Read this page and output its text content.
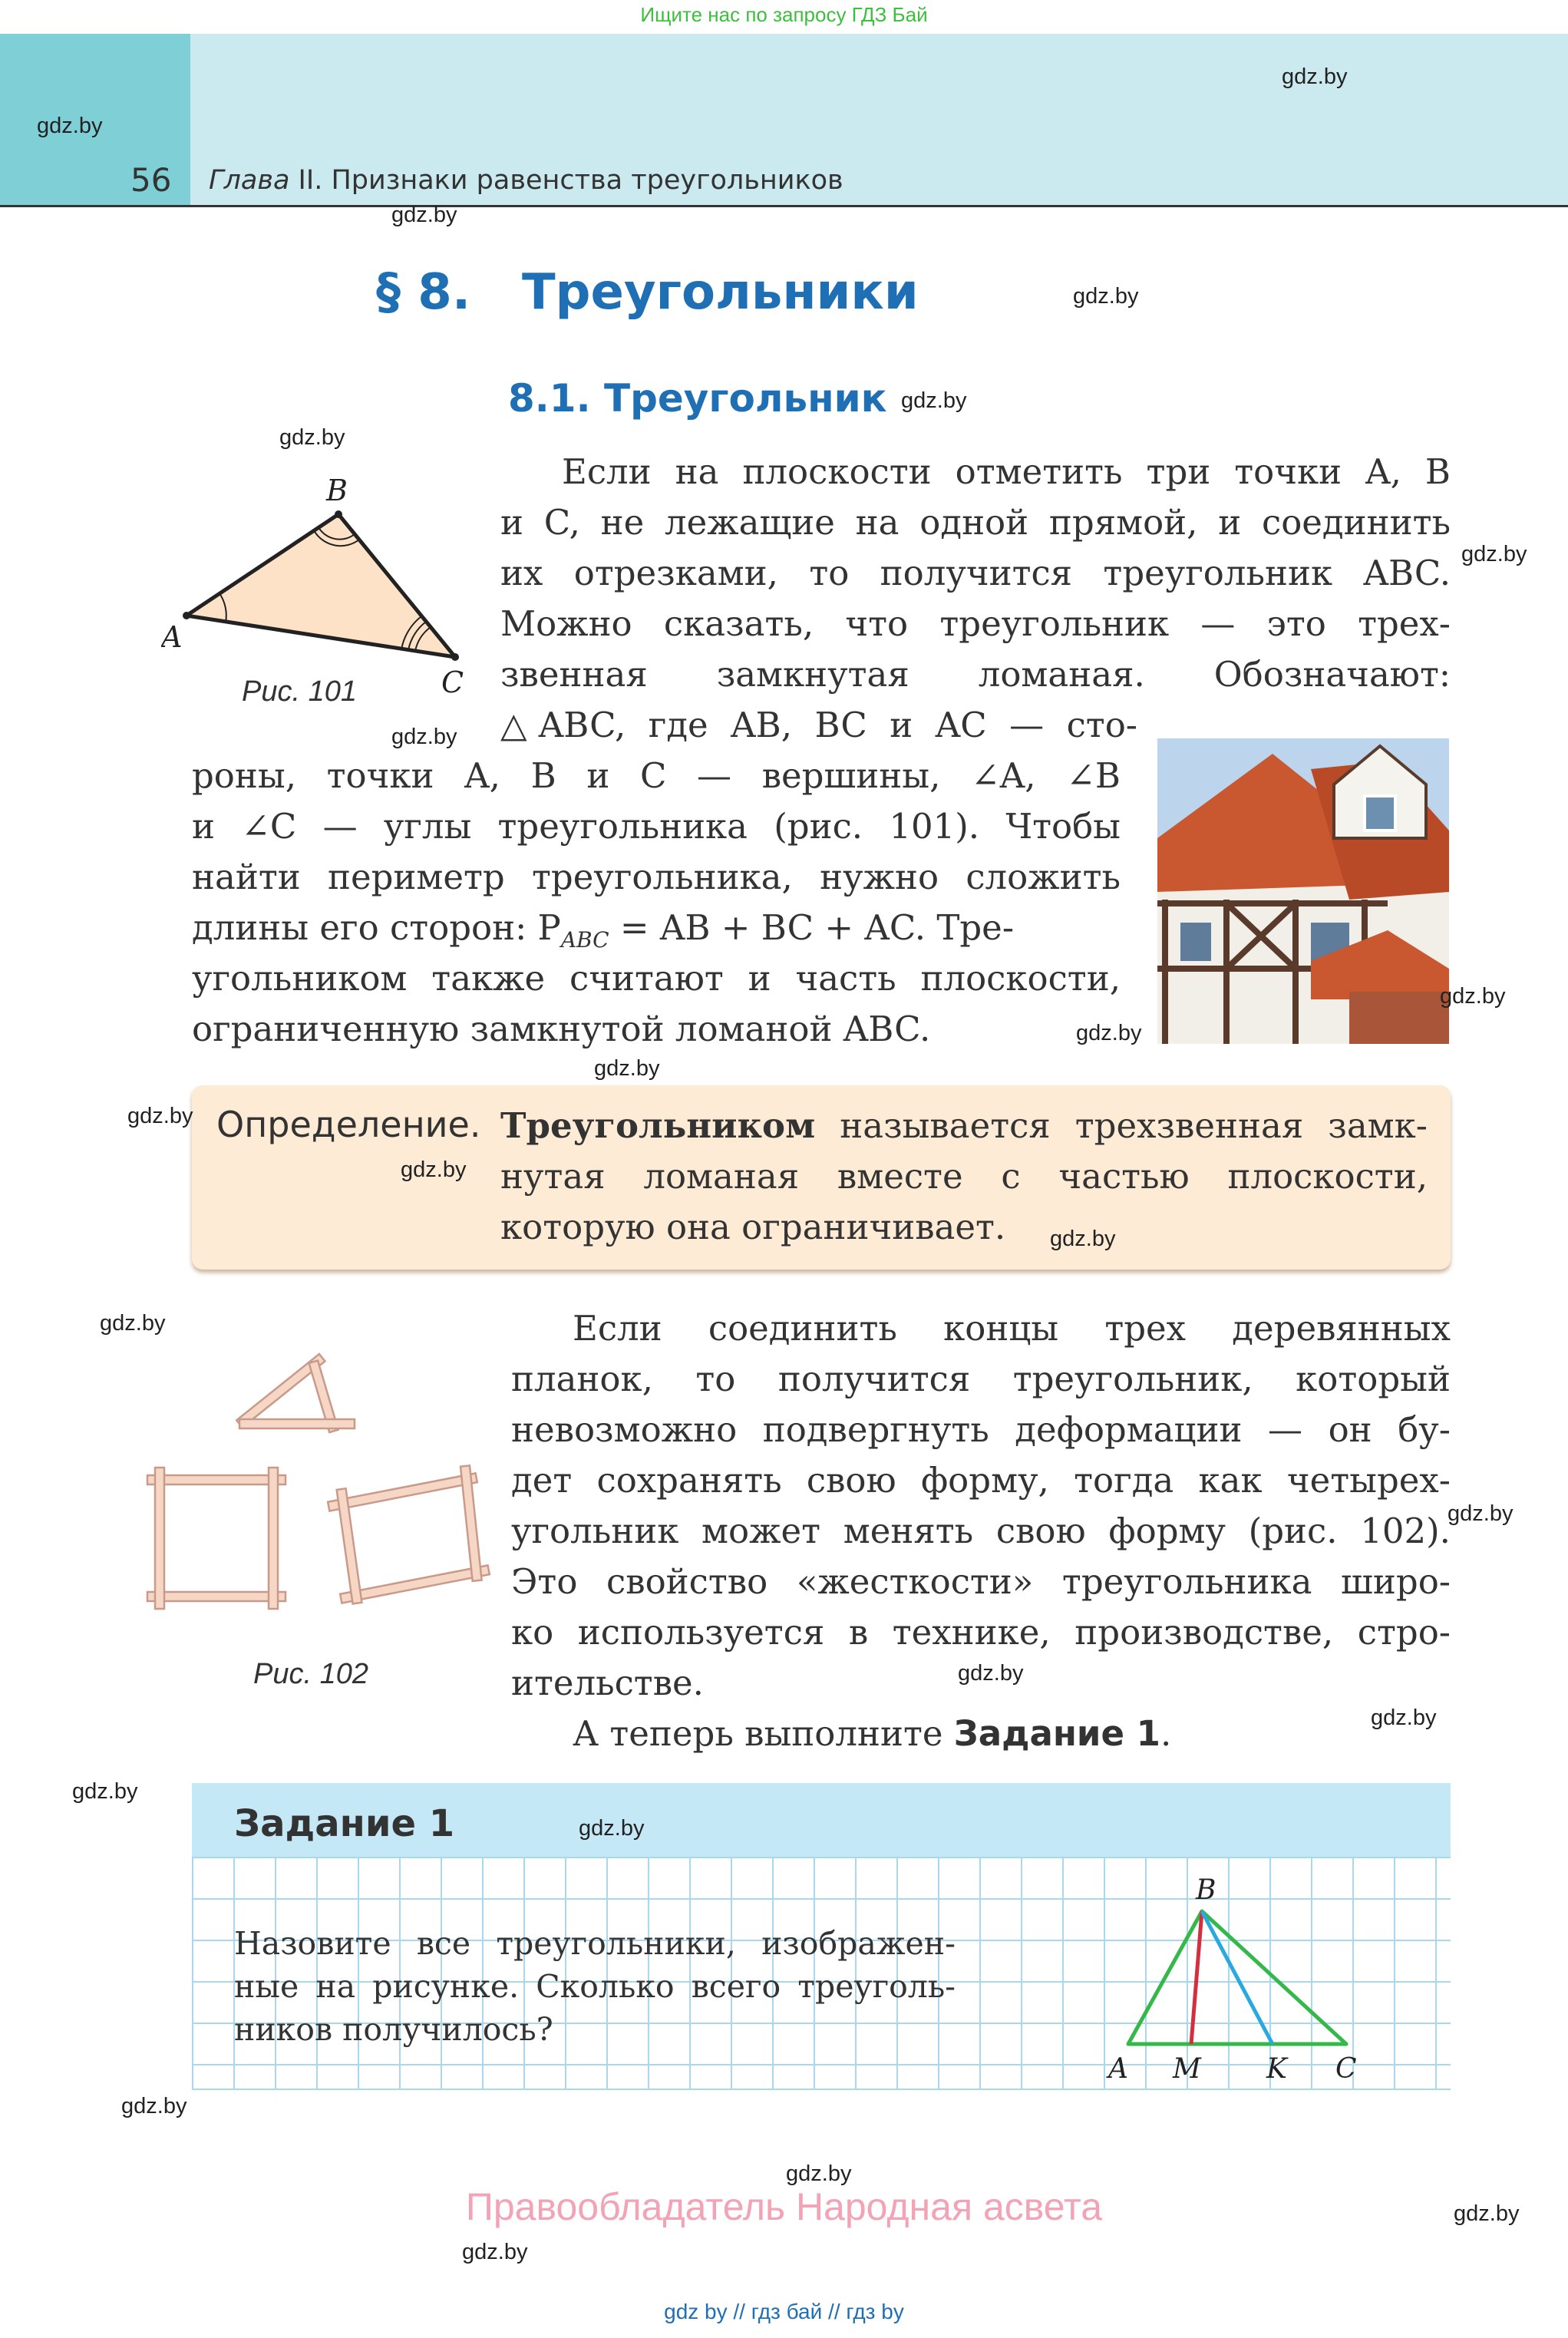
Ищите нас по запросу ГДЗ Бай
56 Глава II. Признаки равенства треугольников
§ 8. Треугольники
8.1. Треугольник
A
B
C
Рис. 101
Если на плоскости отметить три точки A, B
и C, не лежащие на одной прямой, и соединить
их отрезками, то получится треугольник ABC.
Можно сказать, что треугольник — это трех-
звенная замкнутая ломаная. Обозначают:
△ABC, где AB, BC и AC — сто-
роны, точки A, B и C — вершины, ∠A, ∠B
и ∠C — углы треугольника (рис. 101). Чтобы
найти периметр треугольника, нужно сложить
длины его сторон: $P_{ABC}$ = AB + BC + AC. Тре-
угольником также считают и часть плоскости,
ограниченную замкнутой ломаной ABC.
Определение. Треугольником называется трехзвенная замк-
нутая ломаная вместе с частью плоскости,
которую она ограничивает.
Рис. 102
Если соединить концы трех деревянных
планок, то получится треугольник, который
невозможно подвергнуть деформации — он бу-
дет сохранять свою форму, тогда как четырех-
угольник может менять свою форму (рис. 102).
Это свойство «жесткости» треугольника широ-
ко используется в технике, производстве, стро-
ительстве.
А теперь выполните Задание 1.
Задание 1
Назовите все треугольники, изображен-
ные на рисунке. Сколько всего треуголь-
ников получилось?
B
A M K C
gdz.by
gdz.by
gdz.by
gdz.by
gdz.by
gdz.by
gdz.by
gdz.by
gdz.by
gdz.by
gdz.by
gdz.by
gdz.by
gdz.by
gdz.by
gdz.by
gdz.by
gdz.by
gdz.by
gdz.by
gdz.by
gdz.by
gdz.by
gdz.by
Правообладатель Народная асвета
gdz by // гдз бай // гдз by
